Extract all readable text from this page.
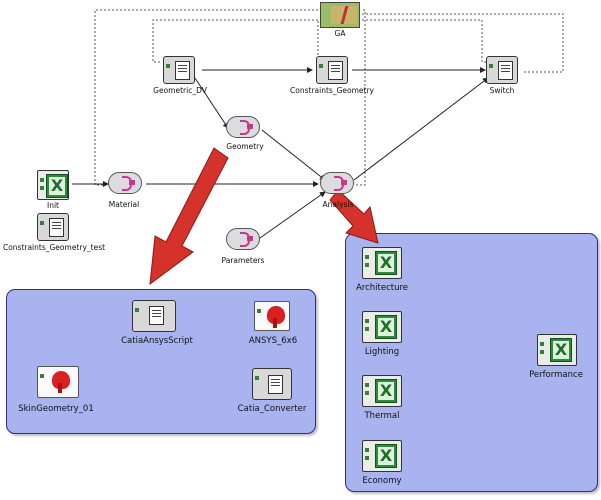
GA
Geometric_DV	Constraints_Geometry	Switch
Geometry
X
Init	Material	Analysis
Constraints_Geometry_test
Parameters
CatiaAnsysScript	ANSYS_6x6
SkinGeometry_01	Catia_Converter
X
Architecture
X
Lighting
X
Thermal
X
Economy
X
Performance
